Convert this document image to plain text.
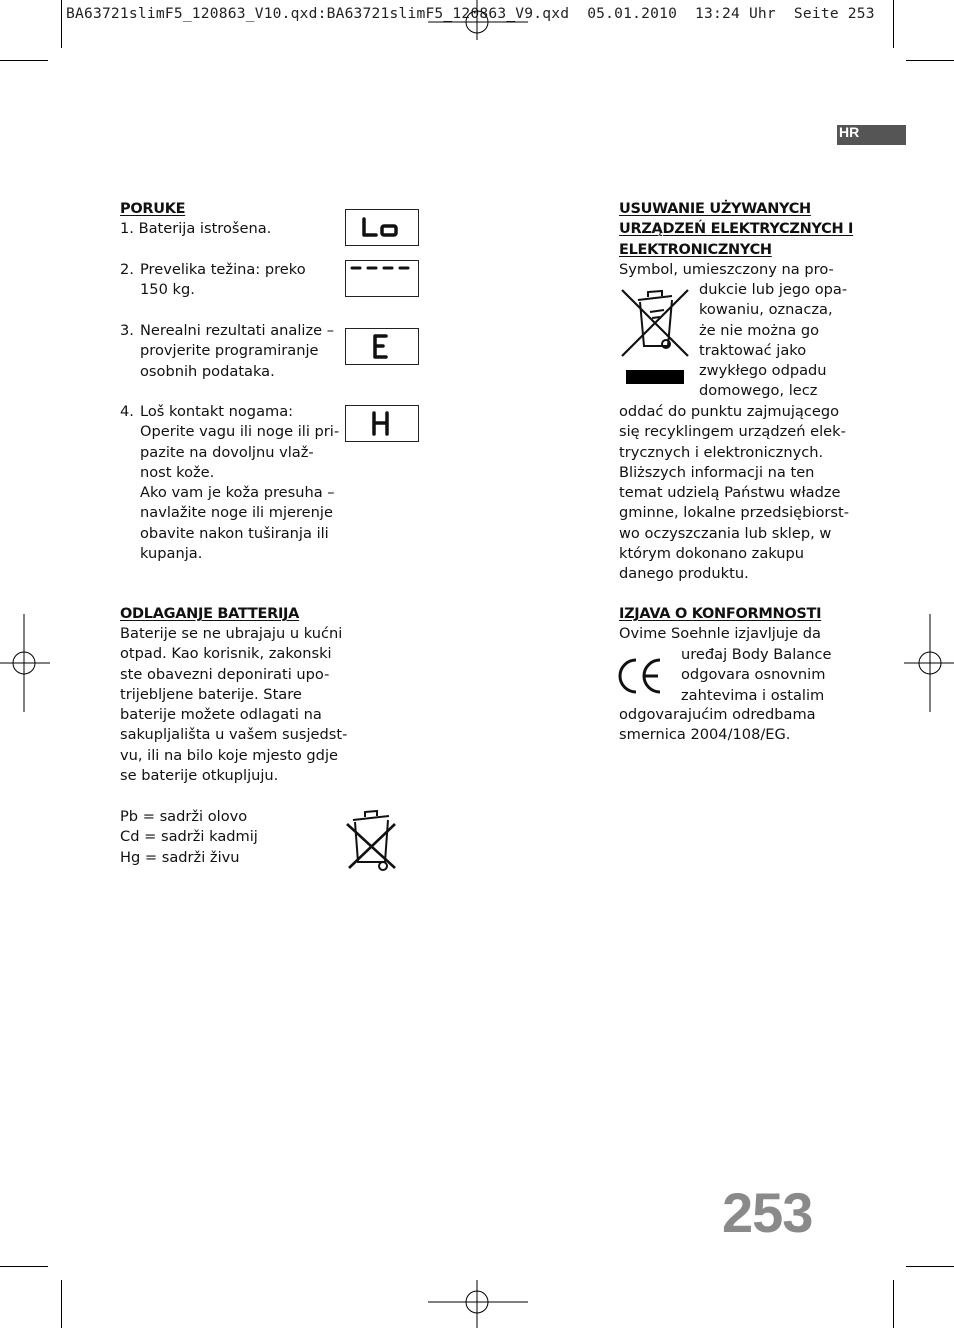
BA63721slimF5_120863_V10.qxd:BA63721slimF5_120863_V9.qxd  05.01.2010  13:24 Uhr  Seite 253
HR
PORUKE
1. Baterija istrošena.
2. Prevelika težina: preko
150 kg.
3. Nerealni rezultati analize –
provjerite programiranje
osobnih podataka.
4. Loš kontakt nogama:
Operite vagu ili noge ili pri-
pazite na dovoljnu vlaž-
nost kože.
Ako vam je koža presuha –
navlažite noge ili mjerenje
obavite nakon tuširanja ili
kupanja.
ODLAGANJE BATTERIJA
Baterije se ne ubrajaju u kućni
otpad. Kao korisnik, zakonski
ste obavezni deponirati upo-
trijebljene baterije. Stare
baterije možete odlagati na
sakupljališta u vašem susjedst-
vu, ili na bilo koje mjesto gdje
se baterije otkupljuju.
Pb = sadrži olovo
Cd = sadrži kadmij
Hg = sadrži živu
USUWANIE UŻYWANYCH
URZĄDZEŃ ELEKTRYCZNYCH I
ELEKTRONICZNYCH
Symbol, umieszczony na pro-
dukcie lub jego opa-
kowaniu, oznacza,
że nie można go
traktować jako
zwykłego odpadu
domowego, lecz
oddać do punktu zajmującego
się recyklingem urządzeń elek-
trycznych i elektronicznych.
Bliższych informacji na ten
temat udzielą Państwu władze
gminne, lokalne przedsiębiorst-
wo oczyszczania lub sklep, w
którym dokonano zakupu
danego produktu.
IZJAVA O KONFORMNOSTI
Ovime Soehnle izjavljuje da
uređaj Body Balance
odgovara osnovnim
zahtevima i ostalim
odgovarajućim odredbama
smernica 2004/108/EG.
253
